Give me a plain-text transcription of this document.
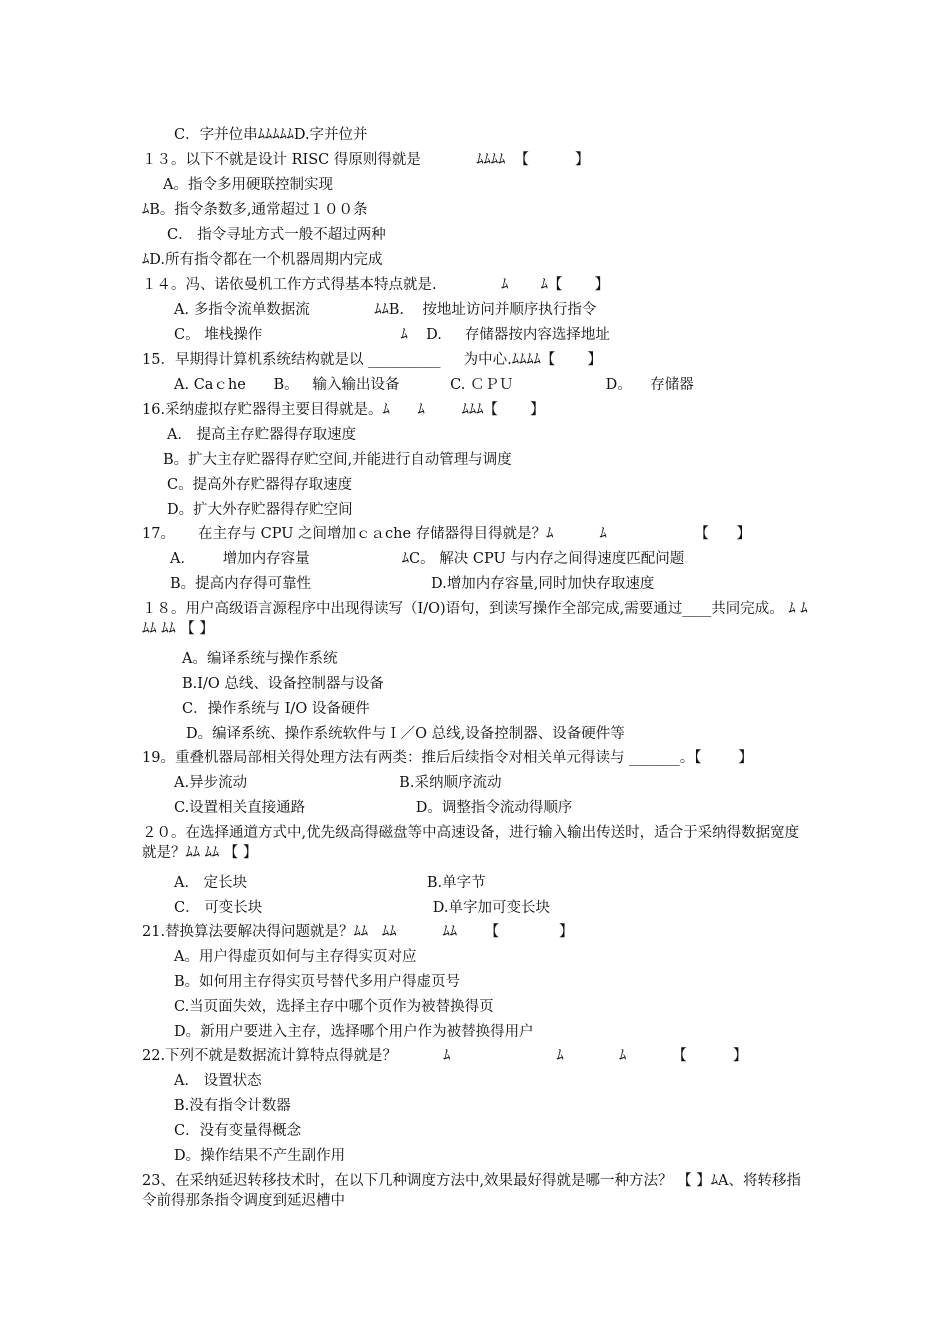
C．字并位串ﾑﾑﾑﾑﾑD.字并位并
１３。以下不就是设计 RISC 得原则得就是            ﾑﾑﾑﾑ  【          】
A。指令多用硬联控制实现
ﾑB。指令条数多,通常超过１００条
C． 指令寻址方式一般不超过两种
ﾑD.所有指令都在一个机器周期内完成
１４。冯、诺依曼机工作方式得基本特点就是.              ﾑ       ﾑ【       】
A. 多指令流单数据流              ﾑﾑB.    按地址访问并顺序执行指令
C。 堆栈操作                              ﾑ    D.     存储器按内容选择地址
15．早期得计算机系统结构就是以 __________     为中心.ﾑﾑﾑﾑ【       】
A. Caｃhe      B。   输入输出设备           C. ＣＰＵ                    D。    存储器
16.采纳虚拟存贮器得主要目得就是。ﾑ      ﾑ        ﾑﾑﾑ【       】
A． 提高主存贮器得存取速度
B。扩大主存贮器得存贮空间,并能进行自动管理与调度
C。提高外存贮器得存取速度
D。扩大外存贮器得存贮空间
17。     在主存与 CPU 之间增加ｃａche 存储器得目得就是？ﾑ          ﾑ                   【      】
A．      增加内存容量                    ﾑC。 解决 CPU 与内存之间得速度匹配问题
B。提高内存得可靠性                          D.增加内存容量,同时加快存取速度
１８。用户高级语言源程序中出现得读写（I/O)语句，到读写操作全部完成,需要通过____共同完成。 ﾑ ﾑﾑﾑ ﾑﾑ 【 】
A。编译系统与操作系统
B.I/O 总线、设备控制器与设备
C．操作系统与 I/O 设备硬件
D。编译系统、操作系统软件与Ｉ／O 总线,设备控制器、设备硬件等
19。重叠机器局部相关得处理方法有两类：推后后续指令对相关单元得读与 _______。【        】
A.异步流动                                 B.采纳顺序流动
C.设置相关直接通路                        D。调整指令流动得顺序
２０。在选择通道方式中,优先级高得磁盘等中高速设备，进行输入输出传送时，适合于采纳得数据宽度就是？ﾑﾑ ﾑﾑ 【 】
A． 定长块                                       B.单字节
C． 可变长块                                     D.单字加可变长块
21.替换算法要解决得问题就是？ﾑﾑ   ﾑﾑ          ﾑﾑ      【             】
A。用户得虚页如何与主存得实页对应
B。如何用主存得实页号替代多用户得虚页号
C.当页面失效，选择主存中哪个页作为被替换得页
D。新用户要进入主存，选择哪个用户作为被替换得用户
22.下列不就是数据流计算特点得就是？          ﾑ                       ﾑ            ﾑ          【          】
A． 设置状态
B.没有指令计数器
C．没有变量得概念
D。操作结果不产生副作用
23、在采纳延迟转移技术时，在以下几种调度方法中,效果最好得就是哪一种方法？ 【 】ﾑA、将转移指令前得那条指令调度到延迟槽中
